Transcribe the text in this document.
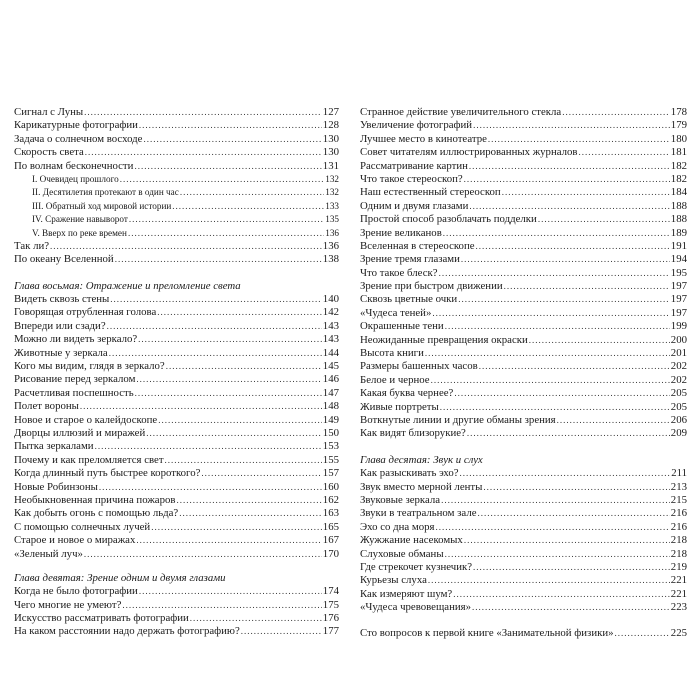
Сигнал с Луны .....	127
Карикатурные фотографии .....	128
Задача о солнечном восходе .....	130
Скорость света .....	130
По волнам бесконечности .....	131
I. Очевидец прошлого .....	132
II. Десятилетия протекают в один час .....	132
III. Обратный ход мировой истории .....	133
IV. Сражение навыворот .....	135
V. Вверх по реке времен .....	136
Так ли? .....	136
По океану Вселенной .....	138
Глава восьмая: Отражение и преломление света
Видеть сквозь стены .....	140
Говорящая отрубленная голова .....	142
Впереди или сзади? .....	143
Можно ли видеть зеркало? .....	143
Животные у зеркала .....	144
Кого мы видим, глядя в зеркало? .....	145
Рисование перед зеркалом .....	146
Расчетливая поспешность .....	147
Полет вороны .....	148
Новое и старое о калейдоскопе .....	149
Дворцы иллюзий и миражей .....	150
Пытка зеркалами .....	153
Почему и как преломляется свет .....	155
Когда длинный путь быстрее короткого? .....	157
Новые Робинзоны .....	160
Необыкновенная причина пожаров .....	162
Как добыть огонь с помощью льда? .....	163
С помощью солнечных лучей .....	165
Старое и новое о миражах .....	167
«Зеленый луч» .....	170
Глава девятая: Зрение одним и двумя глазами
Когда не было фотографии .....	174
Чего многие не умеют? .....	175
Искусство рассматривать фотографии .....	176
На каком расстоянии надо держать фотографию? .....	177
Странное действие увеличительного стекла .....	178
Увеличение фотографий .....	179
Лучшее место в кинотеатре .....	180
Совет читателям иллюстрированных журналов .....	181
Рассматривание картин .....	182
Что такое стереоскоп? .....	182
Наш естественный стереоскоп .....	184
Одним и двумя глазами .....	188
Простой способ разоблачать подделки .....	188
Зрение великанов .....	189
Вселенная в стереоскопе .....	191
Зрение тремя глазами .....	194
Что такое блеск? .....	195
Зрение при быстром движении .....	197
Сквозь цветные очки .....	197
«Чудеса теней» .....	197
Окрашенные тени .....	199
Неожиданные превращения окраски .....	200
Высота книги .....	201
Размеры башенных часов .....	202
Белое и черное .....	202
Какая буква чернее? .....	205
Живые портреты .....	205
Воткнутые линии и другие обманы зрения .....	206
Как видят близорукие? .....	209
Глава десятая: Звук и слух
Как разыскивать эхо? .....	211
Звук вместо мерной ленты .....	213
Звуковые зеркала .....	215
Звуки в театральном зале .....	216
Эхо со дна моря .....	216
Жужжание насекомых .....	218
Слуховые обманы .....	218
Где стрекочет кузнечик? .....	219
Курьезы слуха .....	221
Как измеряют шум? .....	221
«Чудеса чревовещания» .....	223
Сто вопросов к первой книге «Занимательной физики» .....	225
